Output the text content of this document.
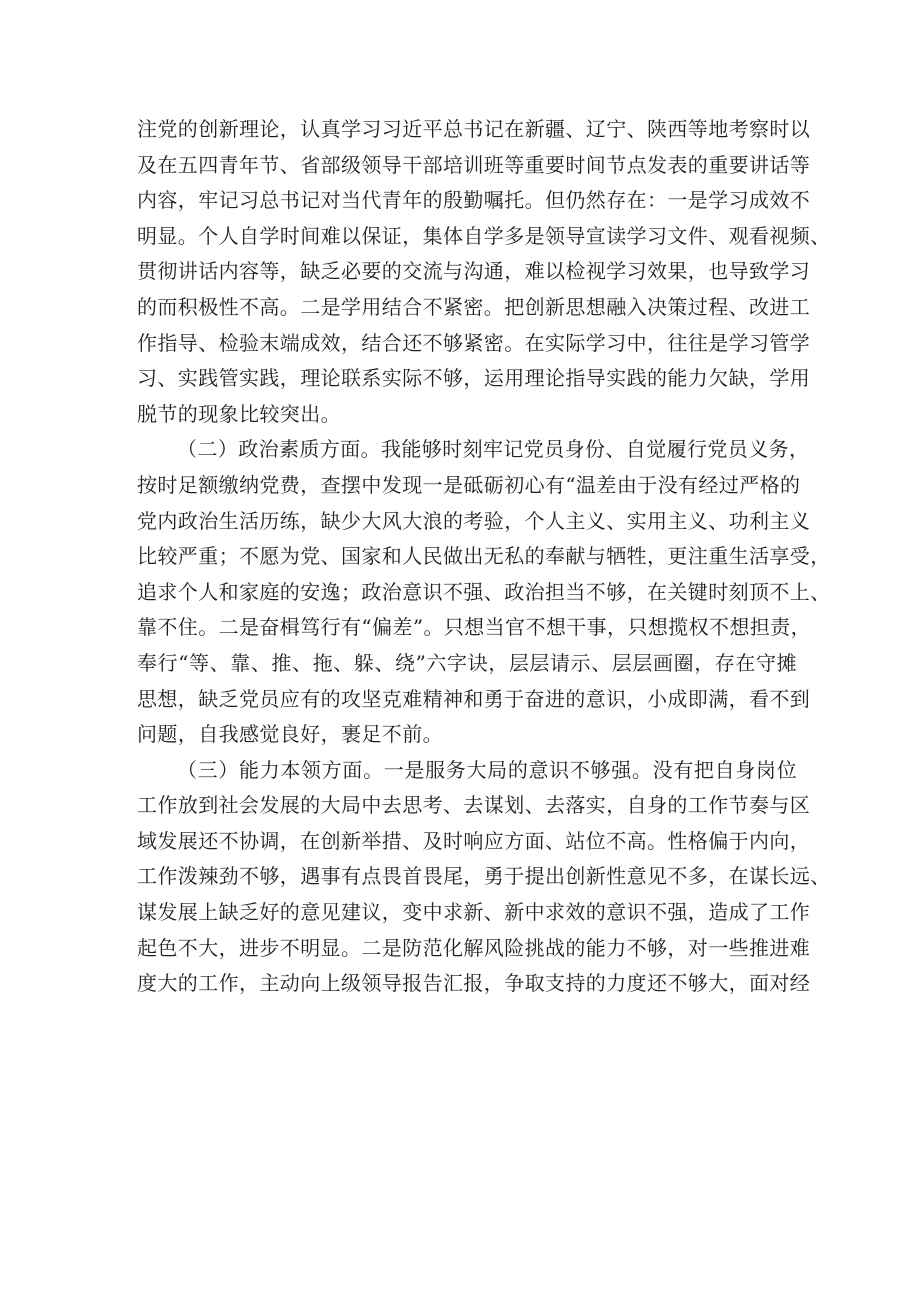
注党的创新理论，认真学习习近平总书记在新疆、辽宁、陕西等地考察时以
及在五四青年节、省部级领导干部培训班等重要时间节点发表的重要讲话等
内容，牢记习总书记对当代青年的殷勤嘱托。但仍然存在：一是学习成效不
明显。个人自学时间难以保证，集体自学多是领导宣读学习文件、观看视频、
贯彻讲话内容等，缺乏必要的交流与沟通，难以检视学习效果，也导致学习
的而积极性不高。二是学用结合不紧密。把创新思想融入决策过程、改进工
作指导、检验末端成效，结合还不够紧密。在实际学习中，往往是学习管学
习、实践管实践，理论联系实际不够，运用理论指导实践的能力欠缺，学用
脱节的现象比较突出。
（二）政治素质方面。我能够时刻牢记党员身份、自觉履行党员义务，
按时足额缴纳党费，查摆中发现一是砥砺初心有“温差由于没有经过严格的
党内政治生活历练，缺少大风大浪的考验，个人主义、实用主义、功利主义
比较严重；不愿为党、国家和人民做出无私的奉献与牺牲，更注重生活享受，
追求个人和家庭的安逸；政治意识不强、政治担当不够，在关键时刻顶不上、
靠不住。二是奋楫笃行有“偏差”。只想当官不想干事，只想揽权不想担责，
奉行“等、靠、推、拖、躲、绕”六字诀，层层请示、层层画圈，存在守摊
思想，缺乏党员应有的攻坚克难精神和勇于奋进的意识，小成即满，看不到
问题，自我感觉良好，裹足不前。
（三）能力本领方面。一是服务大局的意识不够强。没有把自身岗位
工作放到社会发展的大局中去思考、去谋划、去落实，自身的工作节奏与区
域发展还不协调，在创新举措、及时响应方面、站位不高。性格偏于内向，
工作泼辣劲不够，遇事有点畏首畏尾，勇于提出创新性意见不多，在谋长远、
谋发展上缺乏好的意见建议，变中求新、新中求效的意识不强，造成了工作
起色不大，进步不明显。二是防范化解风险挑战的能力不够，对一些推进难
度大的工作，主动向上级领导报告汇报，争取支持的力度还不够大，面对经
